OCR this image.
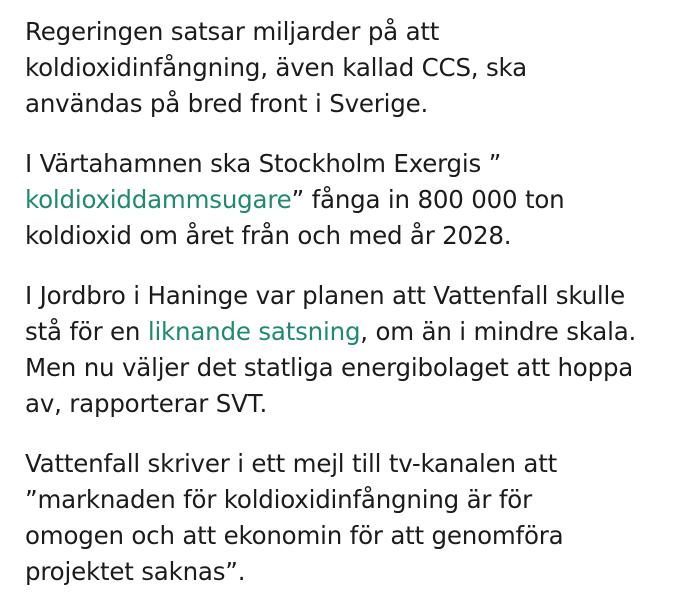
Regeringen satsar miljarder på att
koldioxidinfångning, även kallad CCS, ska
användas på bred front i Sverige.

I Värtahamnen ska Stockholm Exergis ”
koldioxiddammsugare” fånga in 800 000 ton
koldioxid om året från och med år 2028.

I Jordbro i Haninge var planen att Vattenfall skulle
stå för en liknande satsning, om än i mindre skala.
Men nu väljer det statliga energibolaget att hoppa
av, rapporterar SVT.

Vattenfall skriver i ett mejl till tv-kanalen att
”marknaden för koldioxidinfångning är för
omogen och att ekonomin för att genomföra
projektet saknas”.
